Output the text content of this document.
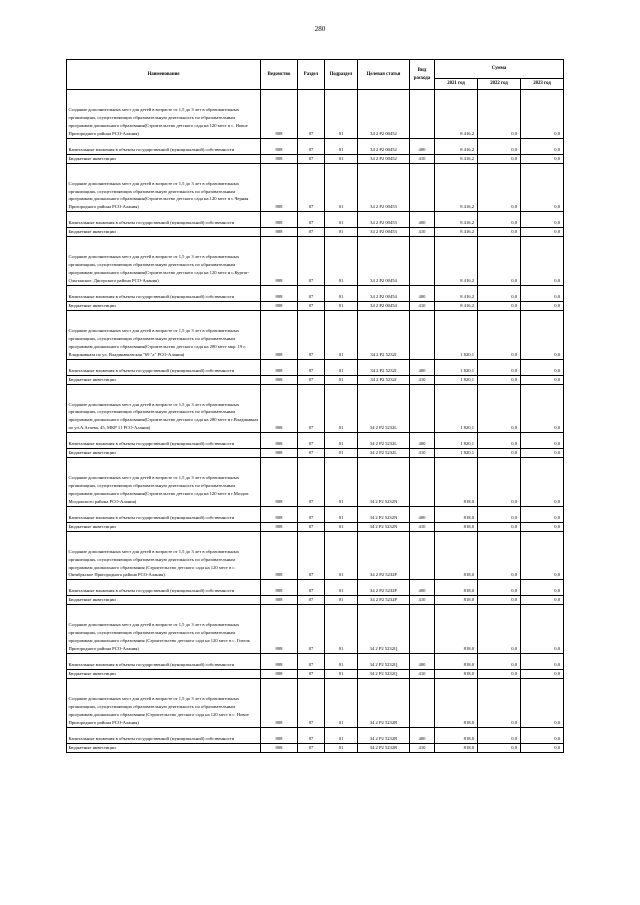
280
Наименование	Ведомство	Раздел	Подраздел	Целевая статья	Вид расхода	Сумма		
						2021 год	2022 год	2023 год
Создание дополнительных мест для детей в возрасте от 1,5 до 3 лет в образовательных организациях, осуществляющих образовательную деятельность по образовательным программам дошкольного образования(Строительство детского сада на 120 мест в с. Новое Пригородного района РСО-Алания)	808	07	01	34 2 P2 00452		8 416,2	0,0	0,0
Капитальные вложения в объекты государственной (муниципальной) собственности	808	07	01	34 2 P2 00452	400	8 416,2	0,0	0,0
Бюджетные инвестиции	808	07	01	34 2 P2 00452	410	8 416,2	0,0	0,0
Создание дополнительных мест для детей в возрасте от 1,5 до 3 лет в образовательных организациях, осуществляющих образовательную деятельность по образовательным программам дошкольного образования(Строительство детского сада на 120 мест в с.Черная Пригородного района РСО-Алания)	808	07	01	34 2 P2 00453		8 416,2	0,0	0,0
Капитальные вложения в объекты государственной (муниципальной) собственности	808	07	01	34 2 P2 00453	400	8 416,2	0,0	0,0
Бюджетные инвестиции	808	07	01	34 2 P2 00453	410	8 416,2	0,0	0,0
Создание дополнительных мест для детей в возрасте от 1,5 до 3 лет в образовательных организациях, осуществляющих образовательную деятельность по образовательным программам дошкольного образования(Строительство детского сада на 120 мест в с.Куртат-Ольгинское, Дигорского района РСО-Алания)	808	07	01	34 2 P2 00454		8 416,2	0,0	0,0
Капитальные вложения в объекты государственной (муниципальной) собственности	808	07	01	34 2 P2 00454	400	8 416,2	0,0	0,0
Бюджетные инвестиции	808	07	01	34 2 P2 00454	410	8 416,2	0,0	0,0
Создание дополнительных мест для детей в возрасте от 1,5 до 3 лет в образовательных организациях, осуществляющих образовательную деятельность по образовательным программам дошкольного образования(Строительство детского сада на 280 мест мкр. 19 г. Владикавказа по ул. Владикавказская "69 "а" РСО-Алания)	808	07	01	34 2 P2 5232J		1 820,1	0,0	0,0
Капитальные вложения в объекты государственной (муниципальной) собственности	808	07	01	34 2 P2 5232J	400	1 820,1	0,0	0,0
Бюджетные инвестиции	808	07	01	34 2 P2 5232J	410	1 820,1	0,0	0,0
Создание дополнительных мест для детей в возрасте от 1,5 до 3 лет в образовательных организациях, осуществляющих образовательную деятельность по образовательным программам дошкольного образования(Строительство детского сада на 280 мест в г.Владикавказ по ул.А.Агаева, 45, МКР 11 РСО-Алания)	808	07	01	34 2 P2 5232L		1 820,1	0,0	0,0
Капитальные вложения в объекты государственной (муниципальной) собственности	808	07	01	34 2 P2 5232L	400	1 820,1	0,0	0,0
Бюджетные инвестиции	808	07	01	34 2 P2 5232L	410	1 820,1	0,0	0,0
Создание дополнительных мест для детей в возрасте от 1,5 до 3 лет в образовательных организациях, осуществляющих образовательную деятельность по образовательным программам дошкольного образования(Строительство детского сада на 120 мест в г.Моздок Моздокского района РСО-Алания)	808	07	01	34 2 P2 5232N		818,0	0,0	0,0
Капитальные вложения в объекты государственной (муниципальной) собственности	808	07	01	34 2 P2 5232N	400	818,0	0,0	0,0
Бюджетные инвестиции	808	07	01	34 2 P2 5232N	410	818,0	0,0	0,0
Создание дополнительных мест для детей в возрасте от 1,5 до 3 лет в образовательных организациях, осуществляющих образовательную деятельность по образовательным программам дошкольного образования (Строительство детского сада на 120 мест в с. Октябрьское Пригородного района РСО-Алания)	808	07	01	34 2 P2 5232P		818,0	0,0	0,0
Капитальные вложения в объекты государственной (муниципальной) собственности	808	07	01	34 2 P2 5232P	400	818,0	0,0	0,0
Бюджетные инвестиции	808	07	01	34 2 P2 5232P	410	818,0	0,0	0,0
Создание дополнительных мест для детей в возрасте от 1,5 до 3 лет в образовательных организациях, осуществляющих образовательную деятельность по образовательным программам дошкольного образования (Строительство детского сада на 120 мест в с. Гизель Пригородного района РСО-Алания)	808	07	01	34 2 P2 5232Q		818,0	0,0	0,0
Капитальные вложения в объекты государственной (муниципальной) собственности	808	07	01	34 2 P2 5232Q	400	818,0	0,0	0,0
Бюджетные инвестиции	808	07	01	34 2 P2 5232Q	410	818,0	0,0	0,0
Создание дополнительных мест для детей в возрасте от 1,5 до 3 лет в образовательных организациях, осуществляющих образовательную деятельность по образовательным программам дошкольного образования (Строительство детского сада на 120 мест в с. Новое Пригородного района РСО-Алания)	808	07	01	34 2 P2 5232R		818,0	0,0	0,0
Капитальные вложения в объекты государственной (муниципальной) собственности	808	07	01	34 2 P2 5232R	400	818,0	0,0	0,0
Бюджетные инвестиции	808	07	01	34 2 P2 5232R	410	818,0	0,0	0,0
